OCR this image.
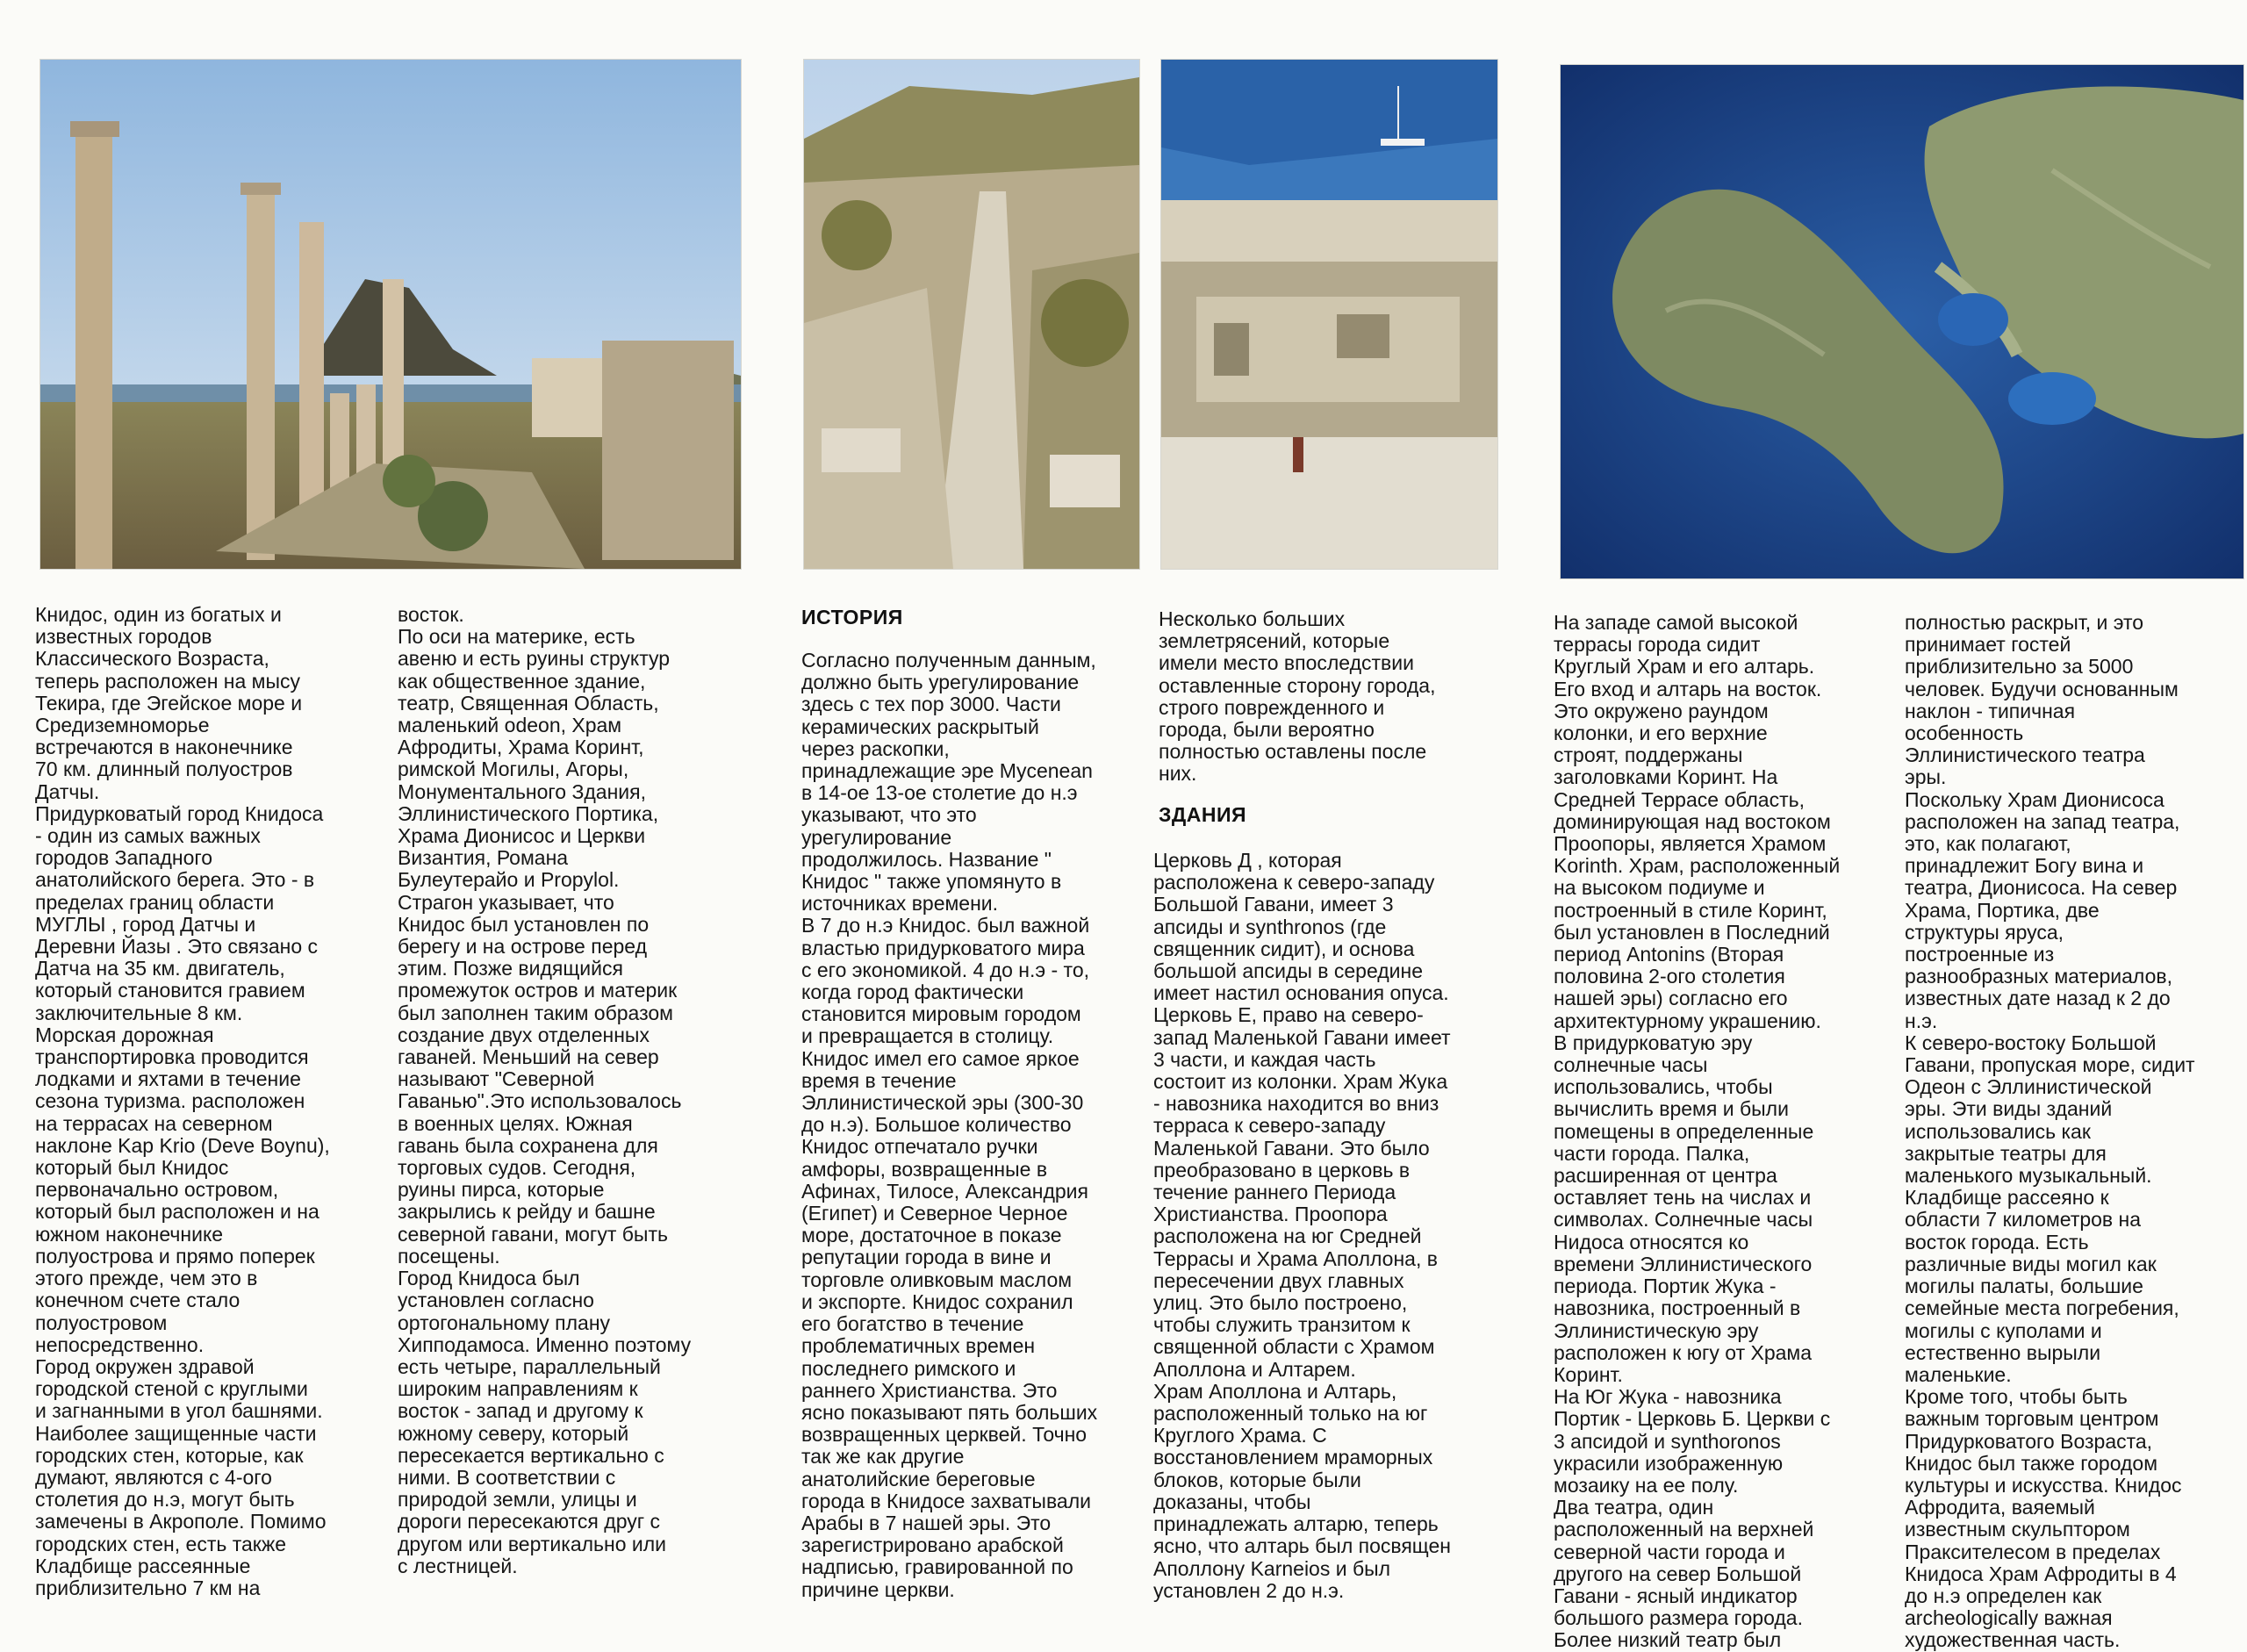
Книдос, один из богатых и
известных городов
Классического Возраста,
теперь расположен на мысу
Текира, где Эгейское море и
Средиземноморье
встречаются в наконечнике
70 км. длинный полуостров
Датчы.
Придурковатый город Книдоса
- один из самых важных
городов Западного
анатолийского берега. Это - в
пределах границ области
МУГЛЫ , город Датчы и
Деревни Йазы . Это связано с
Датча на 35 км. двигатель,
который становится гравием
заключительные 8 км.
Морская дорожная
транспортировка проводится
лодками и яхтами в течение
сезона туризма. расположен
на террасах на северном
наклоне Kap Krio (Deve Boynu),
который был Книдос
первоначально островом,
который был расположен и на
южном наконечнике
полуострова и прямо поперек
этого прежде, чем это в
конечном счете стало
полуостровом
непосредственно.
Город окружен здравой
городской стеной с круглыми
и загнанными в угол башнями.
Наиболее защищенные части
городских стен, которые, как
думают, являются с 4-ого
столетия до н.э, могут быть
замечены в Акрополе. Помимо
городских стен, есть также
Кладбище рассеянные
приблизительно 7 км на

восток.
По оси на материке, есть
aвеню и есть руины структур
как общественное здание,
театр, Священная Область,
маленький odeon, Храм
Афродиты, Храма Коринт,
римской Могилы, Агоры,
Монументального Здания,
Эллинистического Портика,
Храма Дионисос и Церкви
Византия, Романа
Булеутерайо и Propylol.
Страгон указывает, что
Книдос был установлен по
берегу и на острове перед
этим. Позже видящийся
промежуток остров и материк
был заполнен таким образом
создание двух отделенных
гаваней. Меньший на север
называют "Северной
Гаванью".Это использовалось
в военных целях. Южная
гавань была сохранена для
торговых судов. Сегодня,
руины пирса, которые
закрылись к рейду и башне
северной гавани, могут быть
посещены.
Город Книдоса был
установлен согласно
ортогональному плану
Хипподамоса. Именно поэтому
есть четыре, параллельный
широким направлениям к
восток - запад и другому к
южному северу, который
пересекается вертикально с
ними. В соответствии с
природой земли, улицы и
дороги пересекаются друг с
другом или вертикально или
с лестницей.

ИСТОРИЯ

Согласно полученным данным,
должно быть урегулирование
здесь с тех пор 3000. Части
керамических раскрытый
через раскопки,
принадлежащие эре Mycenean
в 14-ое 13-ое столетие до н.э
указывают, что это
урегулирование
продолжилось. Название "
Книдос " также упомянуто в
источниках времени.
В 7 до н.э Книдос. был важной
властью придурковатого мира
с его экономикой. 4 до н.э - то,
когда город фактически
становится мировым городом
и превращается в столицу.
Книдос имел его самое яркое
время в течение
Эллинистической эры (300-30
до н.э). Большое количество
Книдос отпечатало ручки
амфоры, возвращенные в
Афинах, Тилосе, Александрия
(Египет) и Северное Черное
море, достаточное в показе
репутации города в вине и
торговле оливковым маслом
и экспорте. Книдос сохранил
его богатство в течение
проблематичных времен
последнего римского и
раннего Христианства. Это
ясно показывают пять больших
возвращенных церквей. Точно
так же как другие
анатолийские береговые
города в Книдосе захватывали
Арабы в 7 нашей эры. Это
зарегистрировано арабской
надписью, гравированной по
причине церкви.

Несколько больших
землетрясений, которые
имели место впоследствии
оставленные сторону города,
строго поврежденного и
города, были вероятно
полностью оставлены после
них.

ЗДАНИЯ

Церковь Д , которая
расположена к северо-западу
Большой Гавани, имеет 3
апсиды и synthronos (где
священник сидит), и основа
большой апсиды в середине
имеет настил основания опуса.
Церковь Е, право на северо-
запад Маленькой Гавани имеет
3 части, и каждая часть
состоит из колонки. Храм Жука
- навозника находится во вниз
терраса к северо-западу
Маленькой Гавани. Это было
преобразовано в церковь в
течение раннего Периода
Христианства. Проопора
расположена на юг Средней
Террасы и Храма Аполлона, в
пересечении двух главных
улиц. Это было построено,
чтобы служить транзитом к
священной области с Храмом
Аполлона и Алтарем.
Храм Аполлона и Алтарь,
расположенный только на юг
Круглого Храма. С
восстановлением мраморных
блоков, которые были
доказаны, чтобы
принадлежать алтарю, теперь
ясно, что алтарь был посвящен
Аполлону Karneios и был
установлен 2 до н.э.

На западе самой высокой
террасы города сидит
Круглый Храм и его алтарь.
Его вход и алтарь на восток.
Это окружено раундом
колонки, и его верхние
строят, поддержаны
заголовками Коринт. На
Средней Террасе область,
доминирующая над востоком
Проопоры, является Храмом
Korinth. Храм, расположенный
на высоком подиуме и
построенный в стиле Коринт,
был установлен в Последний
период Antonins (Вторая
половина 2-ого столетия
нашей эры) согласно его
архитектурному украшению.
В придурковатую эру
солнечные часы
использовались, чтобы
вычислить время и были
помещены в определенные
части города. Палка,
расширенная от центра
оставляет тень на числах и
символах. Солнечные часы
Нидоса относятся ко
времени Эллинистического
периода. Портик Жука -
навозника, построенный в
Эллинистическую эру
расположен к югу от Храма
Коринт.
На Юг Жука - навозника
Портик - Церковь Б. Церкви с
3 апсидой и synthoronos
украсили изображенную
мозаику на ее полу.
Два театра, один
расположенный на верхней
северной части города и
другого на север Большой
Гавани - ясный индикатор
большого размера города.
Более низкий театр был

полностью раскрыт, и это
принимает гостей
приблизительно за 5000
человек. Будучи основанным
наклон - типичная
особенность
Эллинистического театра
эры.
Поскольку Храм Дионисоса
расположен на запад театра,
это, как полагают,
принадлежит Богу вина и
театра, Дионисоса. На север
Храма, Портика, две
структуры яруса,
построенные из
разнообразных материалов,
известных дате назад к 2 до
н.э.
К северо-востоку Большой
Гавани, пропуская море, сидит
Одеон с Эллинистической
эры. Эти виды зданий
использовались как
закрытые театры для
маленького музыкальный.
Кладбище рассеяно к
области 7 километров на
восток города. Есть
различные виды могил как
могилы палаты, большие
семейные места погребения,
могилы с куполами и
естественно вырыли
маленькие.
Кроме того, чтобы быть
важным торговым центром
Придурковатого Возраста,
Книдос был также городом
культуры и искусства. Книдос
Афродита, ваяемый
известным скульптором
Праксителесом в пределах
Книдоса Храм Афродиты в 4
до н.э определен как
archeologically важная
художественная часть.
